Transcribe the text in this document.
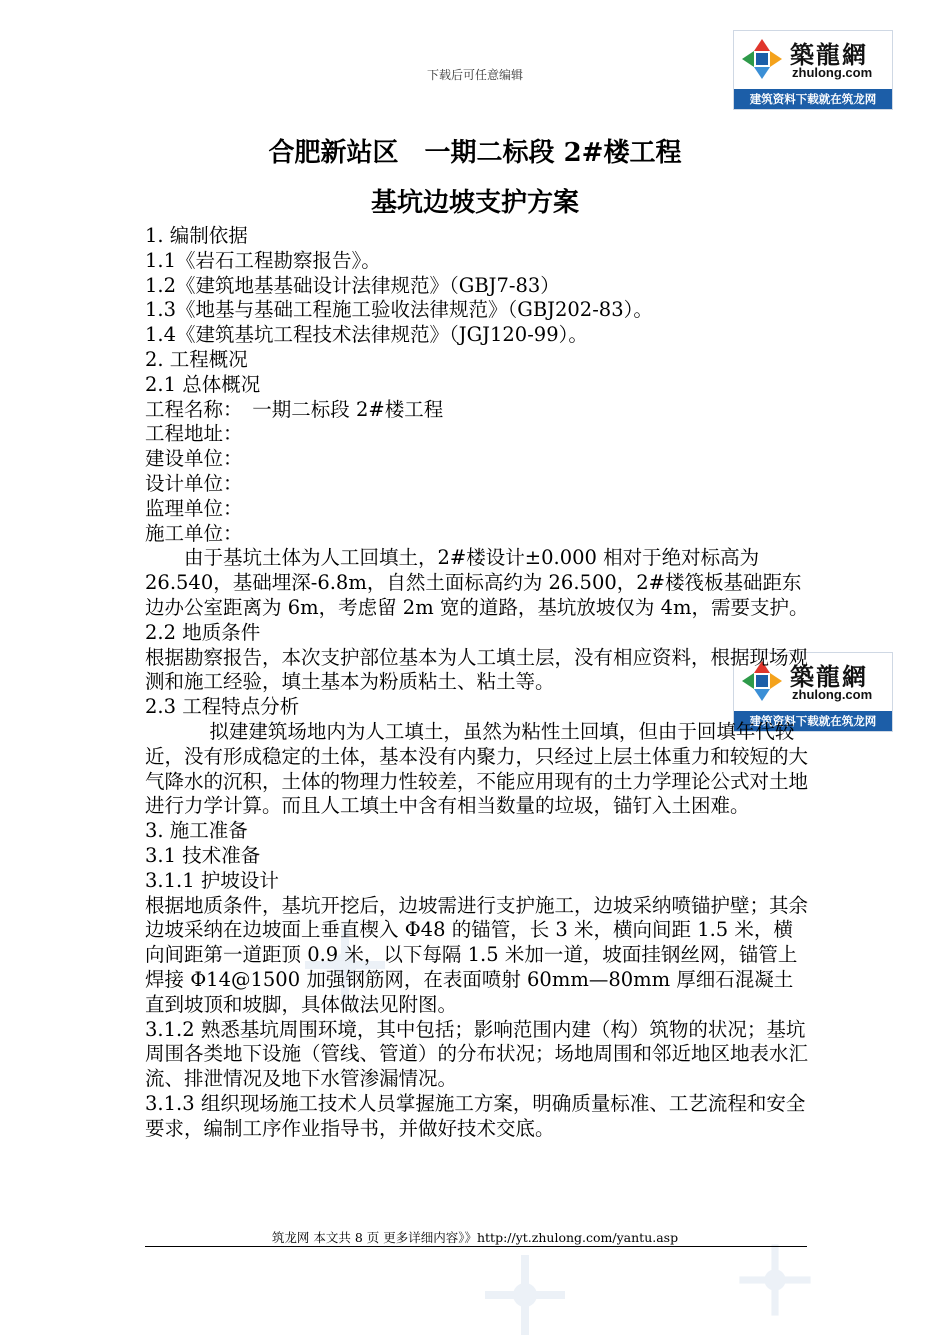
下载后可任意编辑
築龍網
zhulong.com
建筑资料下载就在筑龙网
築龍網
zhulong.com
建筑资料下载就在筑龙网
合肥新站区　一期二标段 2#楼工程
基坑边坡支护方案

1. 编制依据

1.1《岩石工程勘察报告》。

1.2《建筑地基基础设计法律规范》（GBJ7-83）

1.3《地基与基础工程施工验收法律规范》（GBJ202-83）。

1.4《建筑基坑工程技术法律规范》（JGJ120-99）。

2. 工程概况

2.1 总体概况

工程名称：　一期二标段 2#楼工程

工程地址：

建设单位：

设计单位：

监理单位：

施工单位：

由于基坑土体为人工回填土，2#楼设计±0.000 相对于绝对标高为 26.540，基础埋深-6.8m，自然土面标高约为 26.500，2#楼筏板基础距东边办公室距离为 6m，考虑留 2m 宽的道路，基坑放坡仅为 4m，需要支护。

2.2 地质条件

根据勘察报告，本次支护部位基本为人工填土层，没有相应资料，根据现场观测和施工经验，填土基本为粉质粘土、粘土等。

2.3 工程特点分析

拟建建筑场地内为人工填土，虽然为粘性土回填，但由于回填年代较近，没有形成稳定的土体，基本没有内聚力，只经过上层土体重力和较短的大气降水的沉积，土体的物理力性较差，不能应用现有的土力学理论公式对土地进行力学计算。而且人工填土中含有相当数量的垃圾，锚钉入土困难。

3. 施工准备

3.1 技术准备

3.1.1 护坡设计

根据地质条件，基坑开挖后，边坡需进行支护施工，边坡采纳喷锚护壁；其余边坡采纳在边坡面上垂直楔入 Φ48 的锚管，长 3 米，横向间距 1.5 米，横向间距第一道距顶 0.9 米，以下每隔 1.5 米加一道，坡面挂钢丝网，锚管上焊接 Φ14@1500 加强钢筋网，在表面喷射 60mm—80mm 厚细石混凝土直到坡顶和坡脚，具体做法见附图。

3.1.2 熟悉基坑周围环境，其中包括；影响范围内建（构）筑物的状况；基坑周围各类地下设施（管线、管道）的分布状况；场地周围和邻近地区地表水汇流、排泄情况及地下水管渗漏情况。

3.1.3 组织现场施工技术人员掌握施工方案，明确质量标准、工艺流程和安全要求，编制工序作业指导书，并做好技术交底。

筑龙网 本文共 8 页 更多详细内容》》http://yt.zhulong.com/yantu.asp
